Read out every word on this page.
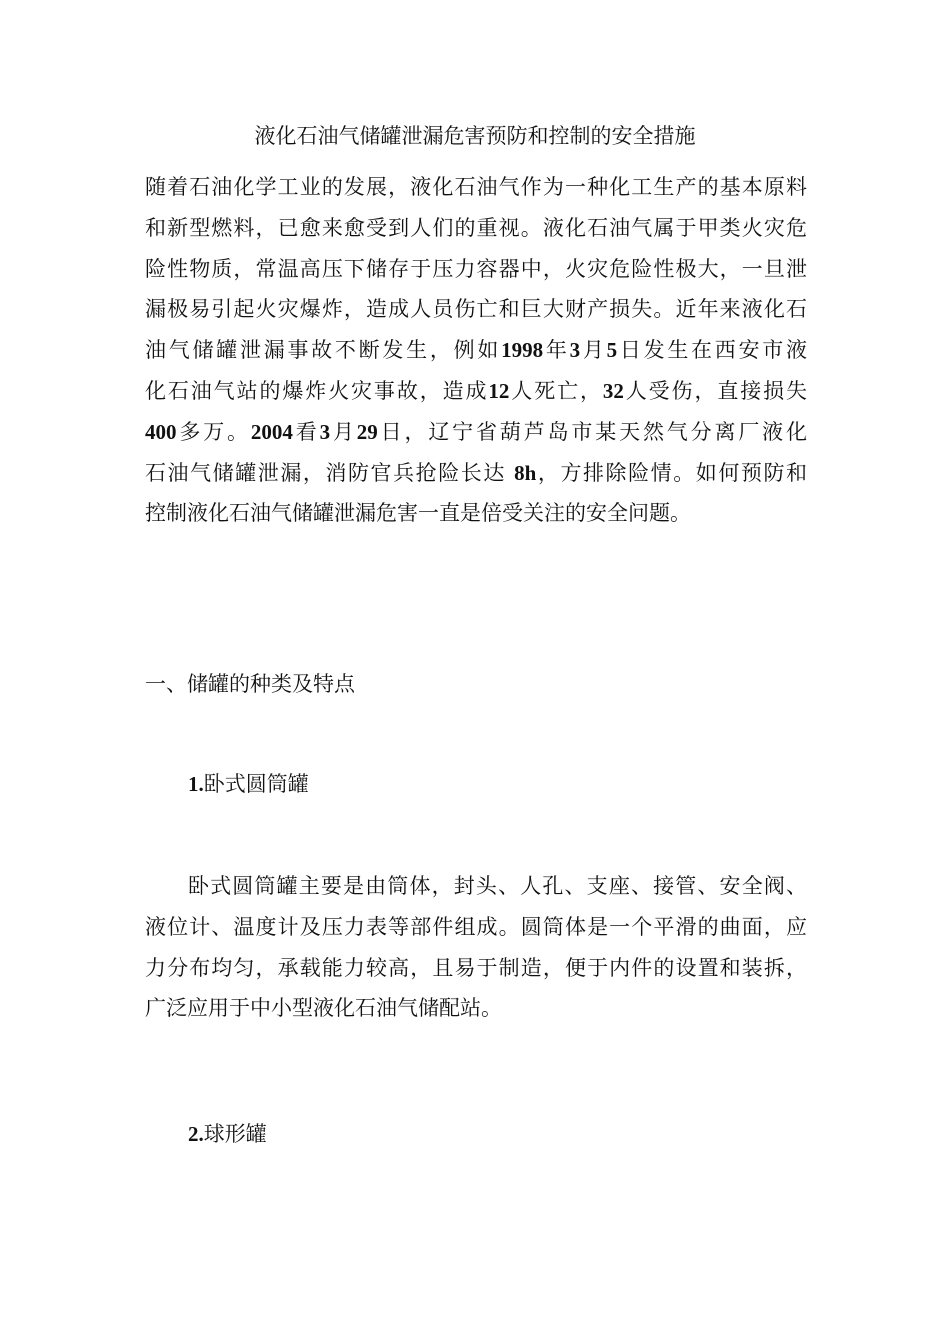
液化石油气储罐泄漏危害预防和控制的安全措施
随着石油化学工业的发展，液化石油气作为一种化工生产的基本原料
和新型燃料，已愈来愈受到人们的重视。液化石油气属于甲类火灾危
险性物质，常温高压下储存于压力容器中，火灾危险性极大，一旦泄
漏极易引起火灾爆炸，造成人员伤亡和巨大财产损失。近年来液化石
油气储罐泄漏事故不断发生，例如1998年3月5日发生在西安市液
化石油气站的爆炸火灾事故，造成12人死亡，32人受伤，直接损失
400多万。2004看3月29日，辽宁省葫芦岛市某天然气分离厂液化
石油气储罐泄漏，消防官兵抢险长达 8h，方排除险情。如何预防和
控制液化石油气储罐泄漏危害一直是倍受关注的安全问题。
一、储罐的种类及特点
1.卧式圆筒罐
卧式圆筒罐主要是由筒体，封头、人孔、支座、接管、安全阀、
液位计、温度计及压力表等部件组成。圆筒体是一个平滑的曲面，应
力分布均匀，承载能力较高，且易于制造，便于内件的设置和装拆，
广泛应用于中小型液化石油气储配站。
2.球形罐
